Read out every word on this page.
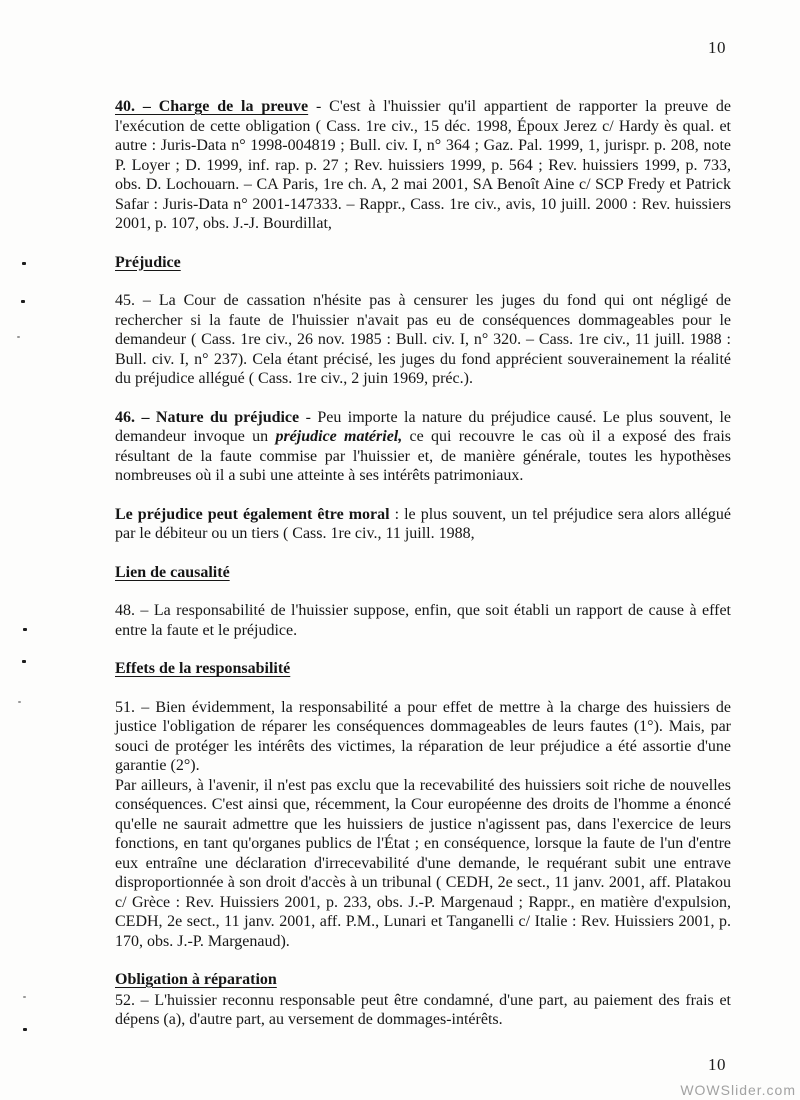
10

40. – Charge de la preuve - C'est à l'huissier qu'il appartient de rapporter la preuve de l'exécution de cette obligation ( Cass. 1re civ., 15 déc. 1998, Époux Jerez c/ Hardy ès qual. et autre : Juris-Data n° 1998-004819 ; Bull. civ. I, n° 364 ; Gaz. Pal. 1999, 1, jurispr. p. 208, note P. Loyer ; D. 1999, inf. rap. p. 27 ; Rev. huissiers 1999, p. 564 ; Rev. huissiers 1999, p. 733, obs. D. Lochouarn. – CA Paris, 1re ch. A, 2 mai 2001, SA Benoît Aine c/ SCP Fredy et Patrick Safar : Juris-Data n° 2001-147333. – Rappr., Cass. 1re civ., avis, 10 juill. 2000 : Rev. huissiers 2001, p. 107, obs. J.-J. Bourdillat,

Préjudice

45. – La Cour de cassation n'hésite pas à censurer les juges du fond qui ont négligé de rechercher si la faute de l'huissier n'avait pas eu de conséquences dommageables pour le demandeur ( Cass. 1re civ., 26 nov. 1985 : Bull. civ. I, n° 320. – Cass. 1re civ., 11 juill. 1988 : Bull. civ. I, n° 237). Cela étant précisé, les juges du fond apprécient souverainement la réalité du préjudice allégué ( Cass. 1re civ., 2 juin 1969, préc.).

46. – Nature du préjudice - Peu importe la nature du préjudice causé. Le plus souvent, le demandeur invoque un préjudice matériel, ce qui recouvre le cas où il a exposé des frais résultant de la faute commise par l'huissier et, de manière générale, toutes les hypothèses nombreuses où il a subi une atteinte à ses intérêts patrimoniaux.

Le préjudice peut également être moral : le plus souvent, un tel préjudice sera alors allégué par le débiteur ou un tiers ( Cass. 1re civ., 11 juill. 1988,

Lien de causalité

48. – La responsabilité de l'huissier suppose, enfin, que soit établi un rapport de cause à effet entre la faute et le préjudice.

Effets de la responsabilité

51. – Bien évidemment, la responsabilité a pour effet de mettre à la charge des huissiers de justice l'obligation de réparer les conséquences dommageables de leurs fautes (1°). Mais, par souci de protéger les intérêts des victimes, la réparation de leur préjudice a été assortie d'une garantie (2°).
Par ailleurs, à l'avenir, il n'est pas exclu que la recevabilité des huissiers soit riche de nouvelles conséquences. C'est ainsi que, récemment, la Cour européenne des droits de l'homme a énoncé qu'elle ne saurait admettre que les huissiers de justice n'agissent pas, dans l'exercice de leurs fonctions, en tant qu'organes publics de l'État ; en conséquence, lorsque la faute de l'un d'entre eux entraîne une déclaration d'irrecevabilité d'une demande, le requérant subit une entrave disproportionnée à son droit d'accès à un tribunal ( CEDH, 2e sect., 11 janv. 2001, aff. Platakou c/ Grèce : Rev. Huissiers 2001, p. 233, obs. J.-P. Margenaud ; Rappr., en matière d'expulsion, CEDH, 2e sect., 11 janv. 2001, aff. P.M., Lunari et Tanganelli c/ Italie : Rev. Huissiers 2001, p. 170, obs. J.-P. Margenaud).

Obligation à réparation

52. – L'huissier reconnu responsable peut être condamné, d'une part, au paiement des frais et dépens (a), d'autre part, au versement de dommages-intérêts.

10
WOWSlider.com
